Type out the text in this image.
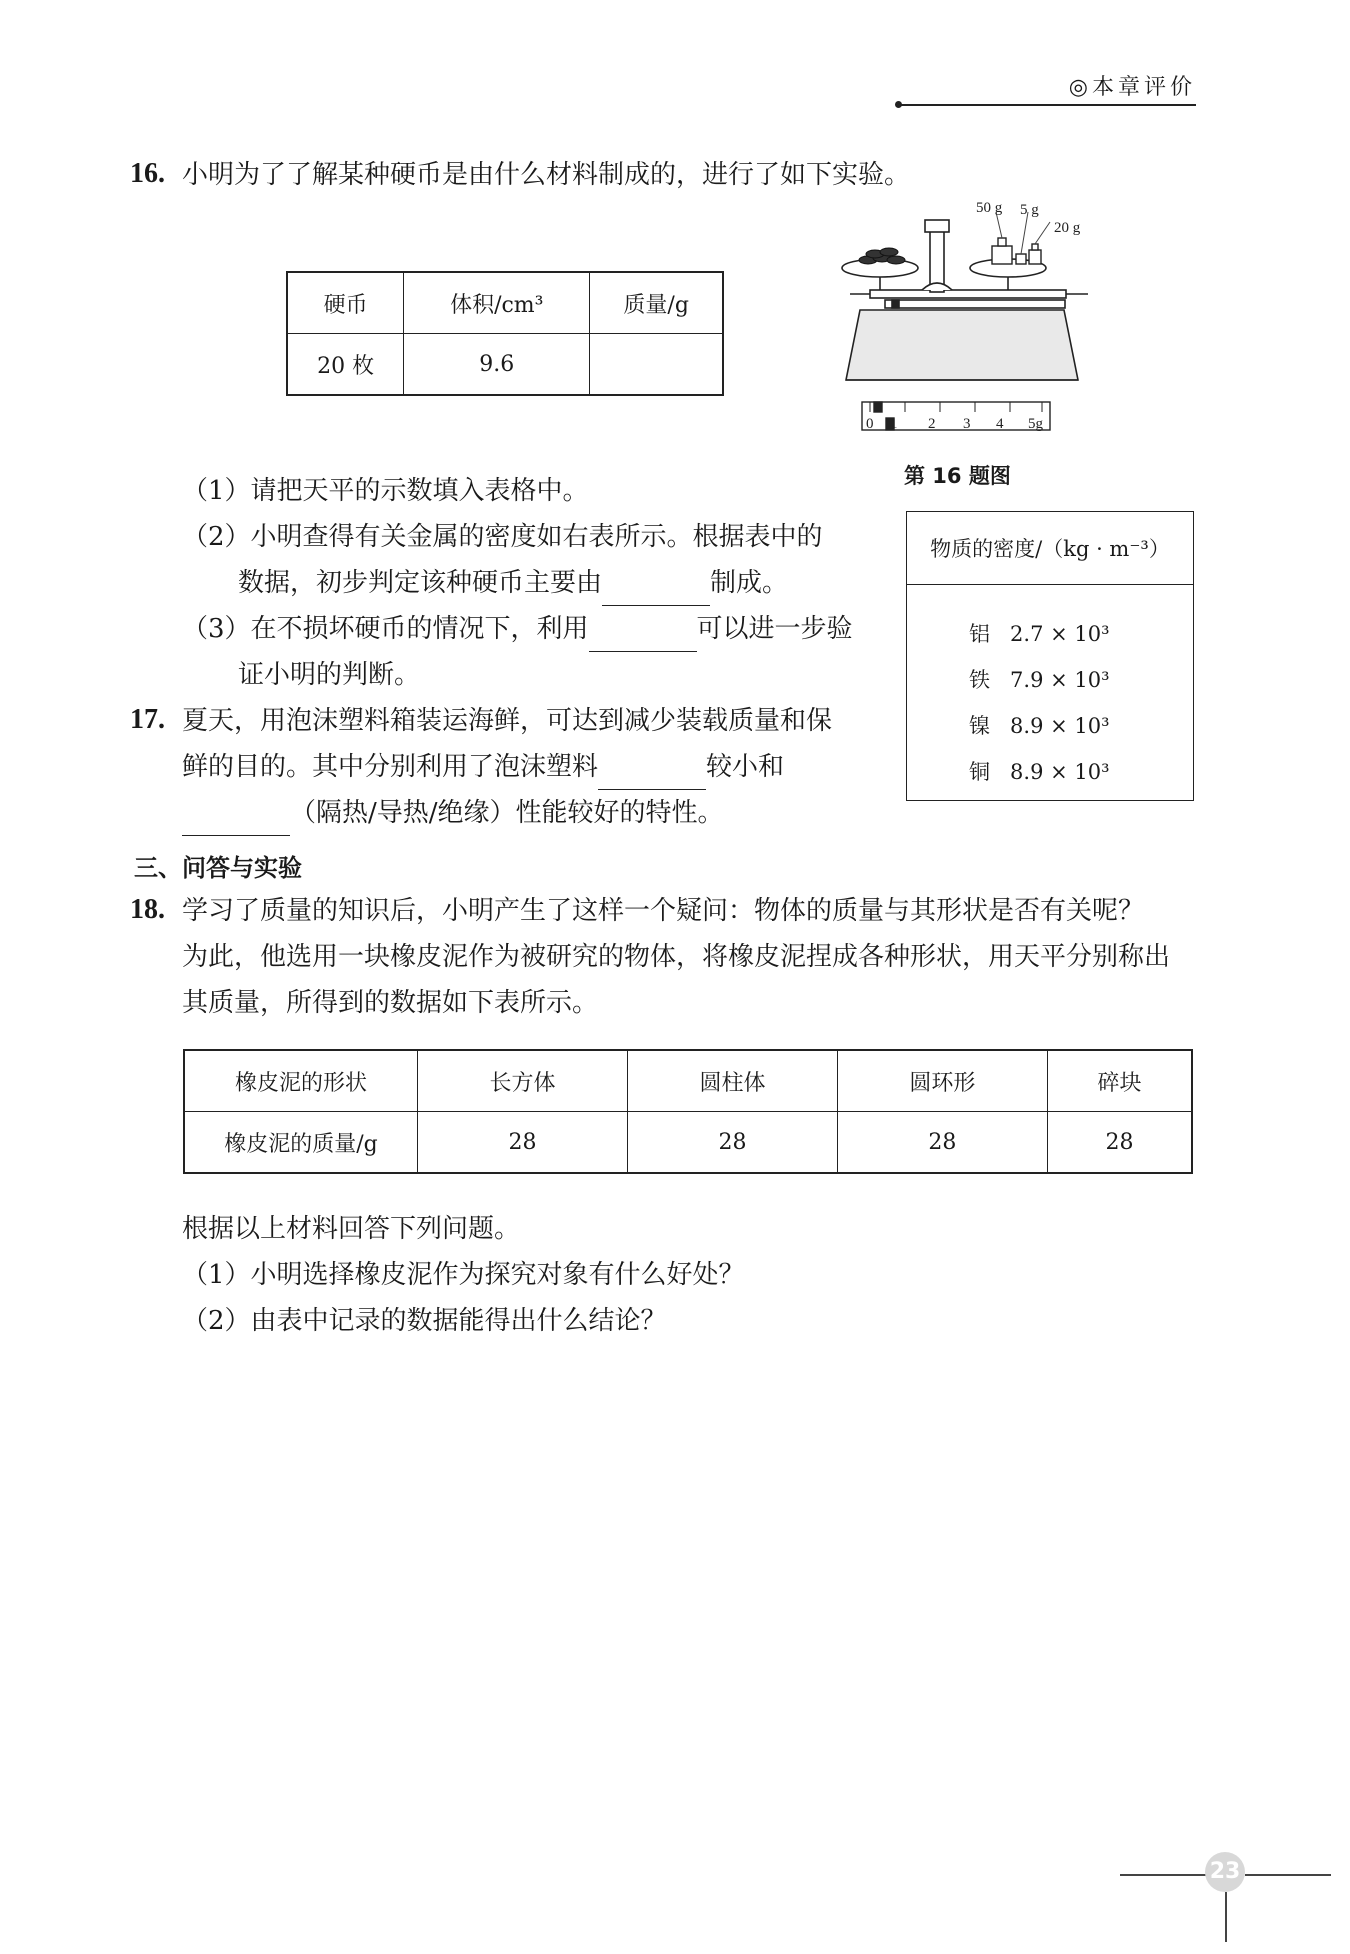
◎本章评价
16. 小明为了了解某种硬币是由什么材料制成的，进行了如下实验。
硬币	体积/cm³	质量/g
20 枚	9.6	
50 g 5 g
20 g
0 1 2 3 4 5g
第 16 题图
（1）请把天平的示数填入表格中。
（2）小明查得有关金属的密度如右表所示。根据表中的
数据，初步判定该种硬币主要由	制成。
（3）在不损坏硬币的情况下，利用	可以进一步验
证小明的判断。
物质的密度/（kg · m⁻³）
铝 2.7 × 10³
铁 7.9 × 10³
镍 8.9 × 10³
铜 8.9 × 10³
17. 夏天，用泡沫塑料箱装运海鲜，可达到减少装载质量和保
鲜的目的。其中分别利用了泡沫塑料	较小和
（隔热/导热/绝缘）性能较好的特性。
三、问答与实验
18. 学习了质量的知识后，小明产生了这样一个疑问：物体的质量与其形状是否有关呢？
为此，他选用一块橡皮泥作为被研究的物体，将橡皮泥捏成各种形状，用天平分别称出
其质量，所得到的数据如下表所示。
橡皮泥的形状	长方体	圆柱体	圆环形	碎块
橡皮泥的质量/g	28	28	28	28
根据以上材料回答下列问题。
（1）小明选择橡皮泥作为探究对象有什么好处？
（2）由表中记录的数据能得出什么结论？
23
